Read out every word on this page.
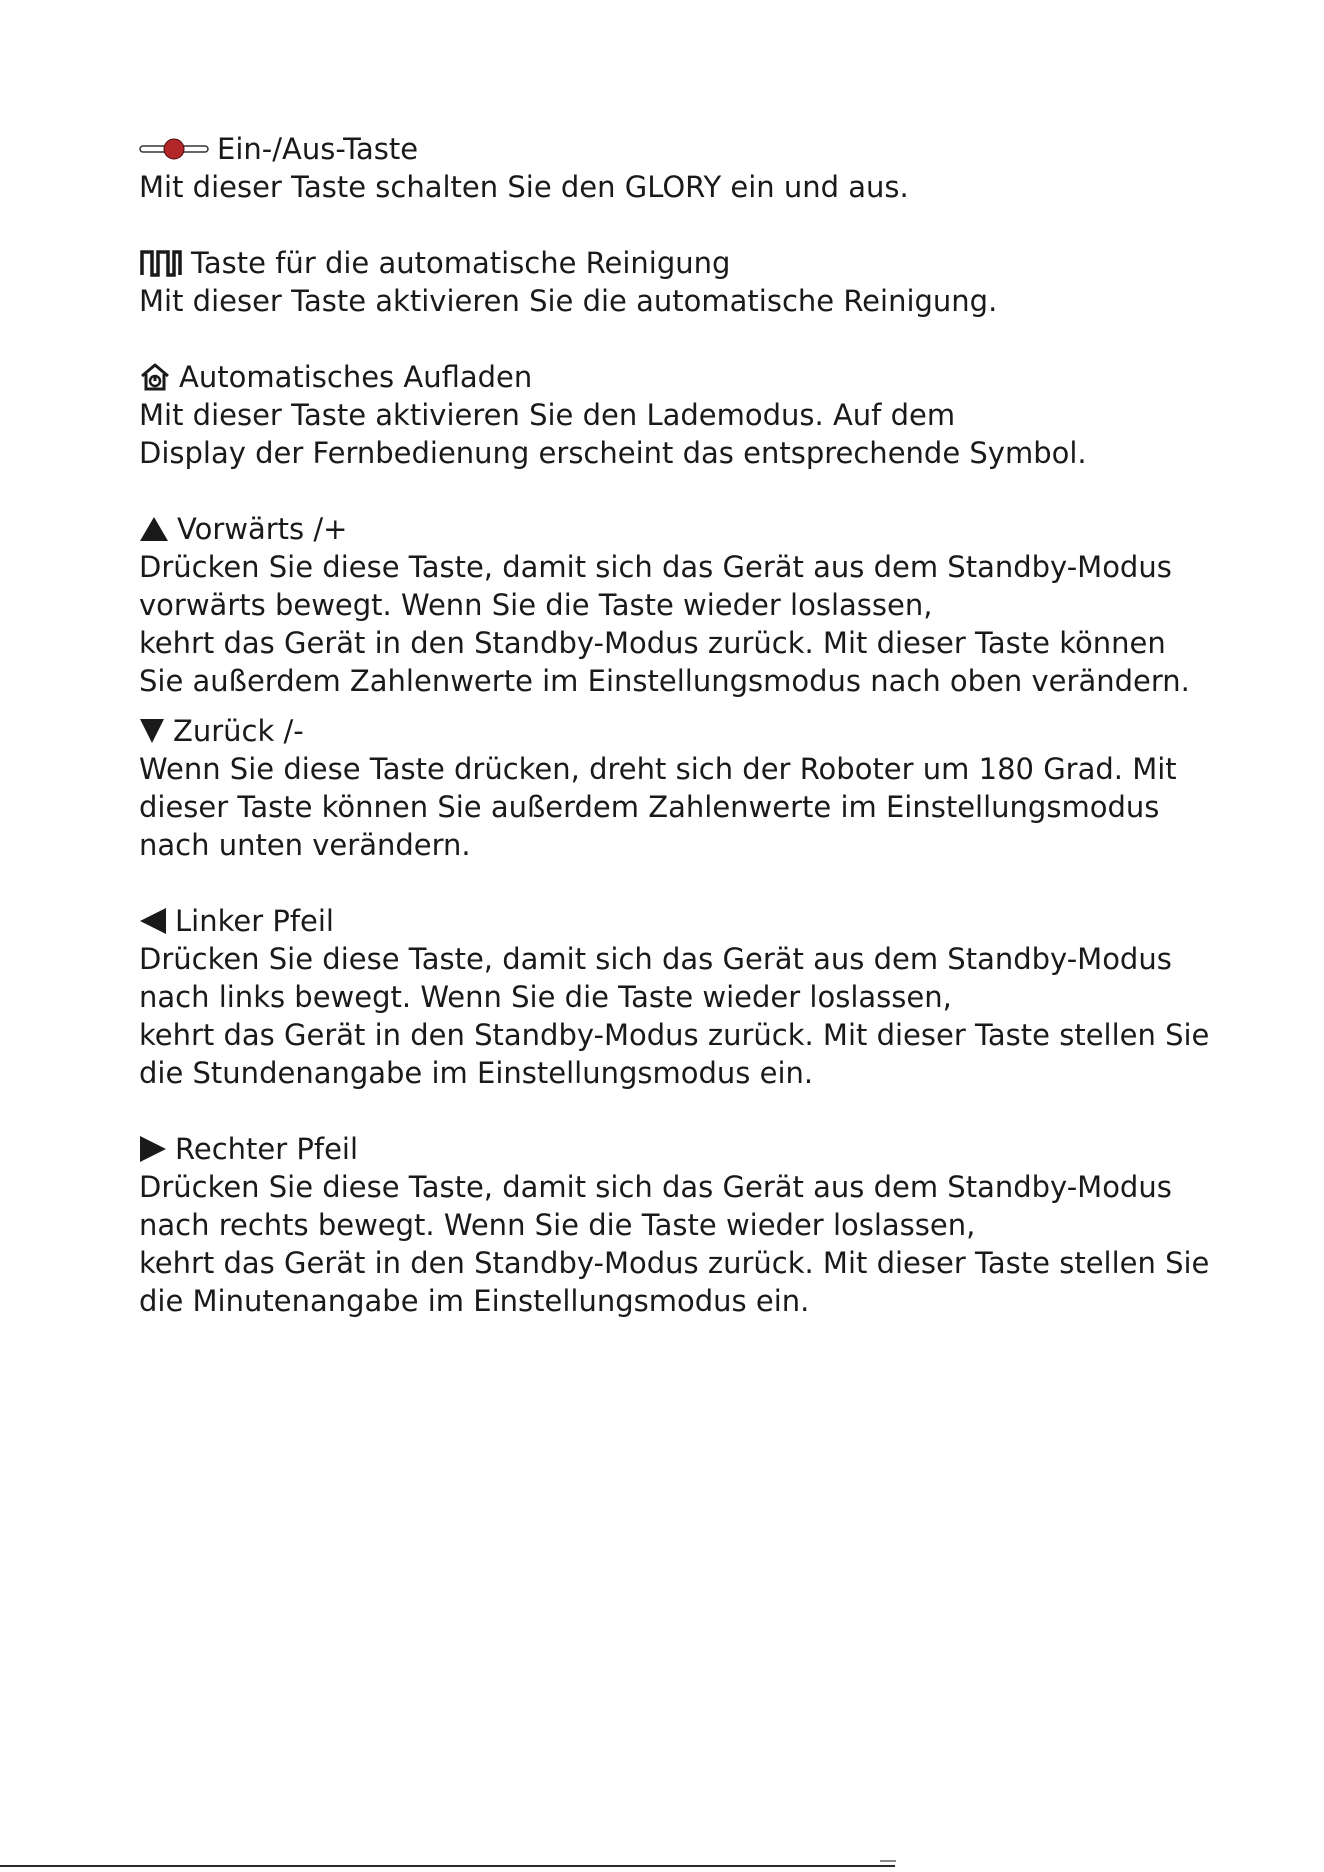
Ein-/Aus-Taste
Mit dieser Taste schalten Sie den GLORY ein und aus.
Taste für die automatische Reinigung
Mit dieser Taste aktivieren Sie die automatische Reinigung.
Automatisches Aufladen
Mit dieser Taste aktivieren Sie den Lademodus. Auf dem
Display der Fernbedienung erscheint das entsprechende Symbol.
Vorwärts /+
Drücken Sie diese Taste, damit sich das Gerät aus dem Standby-Modus
vorwärts bewegt. Wenn Sie die Taste wieder loslassen,
kehrt das Gerät in den Standby-Modus zurück. Mit dieser Taste können
Sie außerdem Zahlenwerte im Einstellungsmodus nach oben verändern.
Zurück /-
Wenn Sie diese Taste drücken, dreht sich der Roboter um 180 Grad. Mit
dieser Taste können Sie außerdem Zahlenwerte im Einstellungsmodus
nach unten verändern.
Linker Pfeil
Drücken Sie diese Taste, damit sich das Gerät aus dem Standby-Modus
nach links bewegt. Wenn Sie die Taste wieder loslassen,
kehrt das Gerät in den Standby-Modus zurück. Mit dieser Taste stellen Sie
die Stundenangabe im Einstellungsmodus ein.
Rechter Pfeil
Drücken Sie diese Taste, damit sich das Gerät aus dem Standby-Modus
nach rechts bewegt. Wenn Sie die Taste wieder loslassen,
kehrt das Gerät in den Standby-Modus zurück. Mit dieser Taste stellen Sie
die Minutenangabe im Einstellungsmodus ein.
